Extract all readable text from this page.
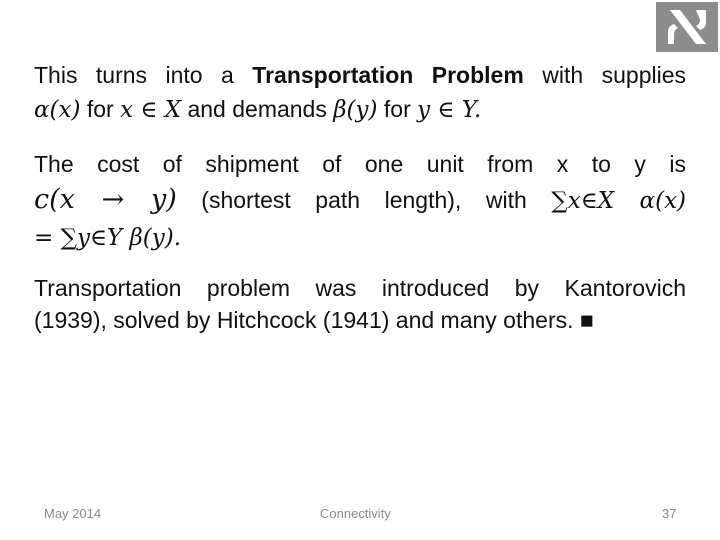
This turns into a Transportation Problem with supplies
α(x) for x ∈ X and demands β(y) for y ∈ Y.

The cost of shipment of one unit from x to y is
c(x → y) (shortest path length), with ∑x∈X α(x)
= ∑y∈Y β(y).

Transportation problem was introduced by Kantorovich
(1939), solved by Hitchcock (1941) and many others. ■

May 2014	Connectivity	37
